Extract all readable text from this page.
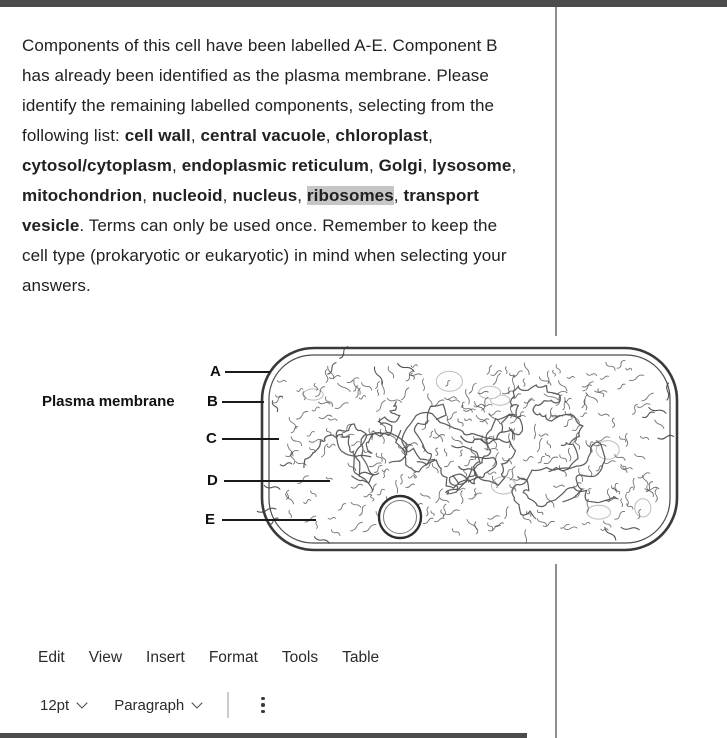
Components of this cell have been labelled A-E. Component B has already been identified as the plasma membrane. Please identify the remaining labelled components, selecting from the following list: cell wall, central vacuole, chloroplast, cytosol/cytoplasm, endoplasmic reticulum, Golgi, lysosome, mitochondrion, nucleoid, nucleus, ribosomes, transport vesicle. Terms can only be used once. Remember to keep the cell type (prokaryotic or eukaryotic) in mind when selecting your answers.
Plasma membrane
A
B
C
D
E
Edit View Insert Format Tools Table
12pt	Paragraph
